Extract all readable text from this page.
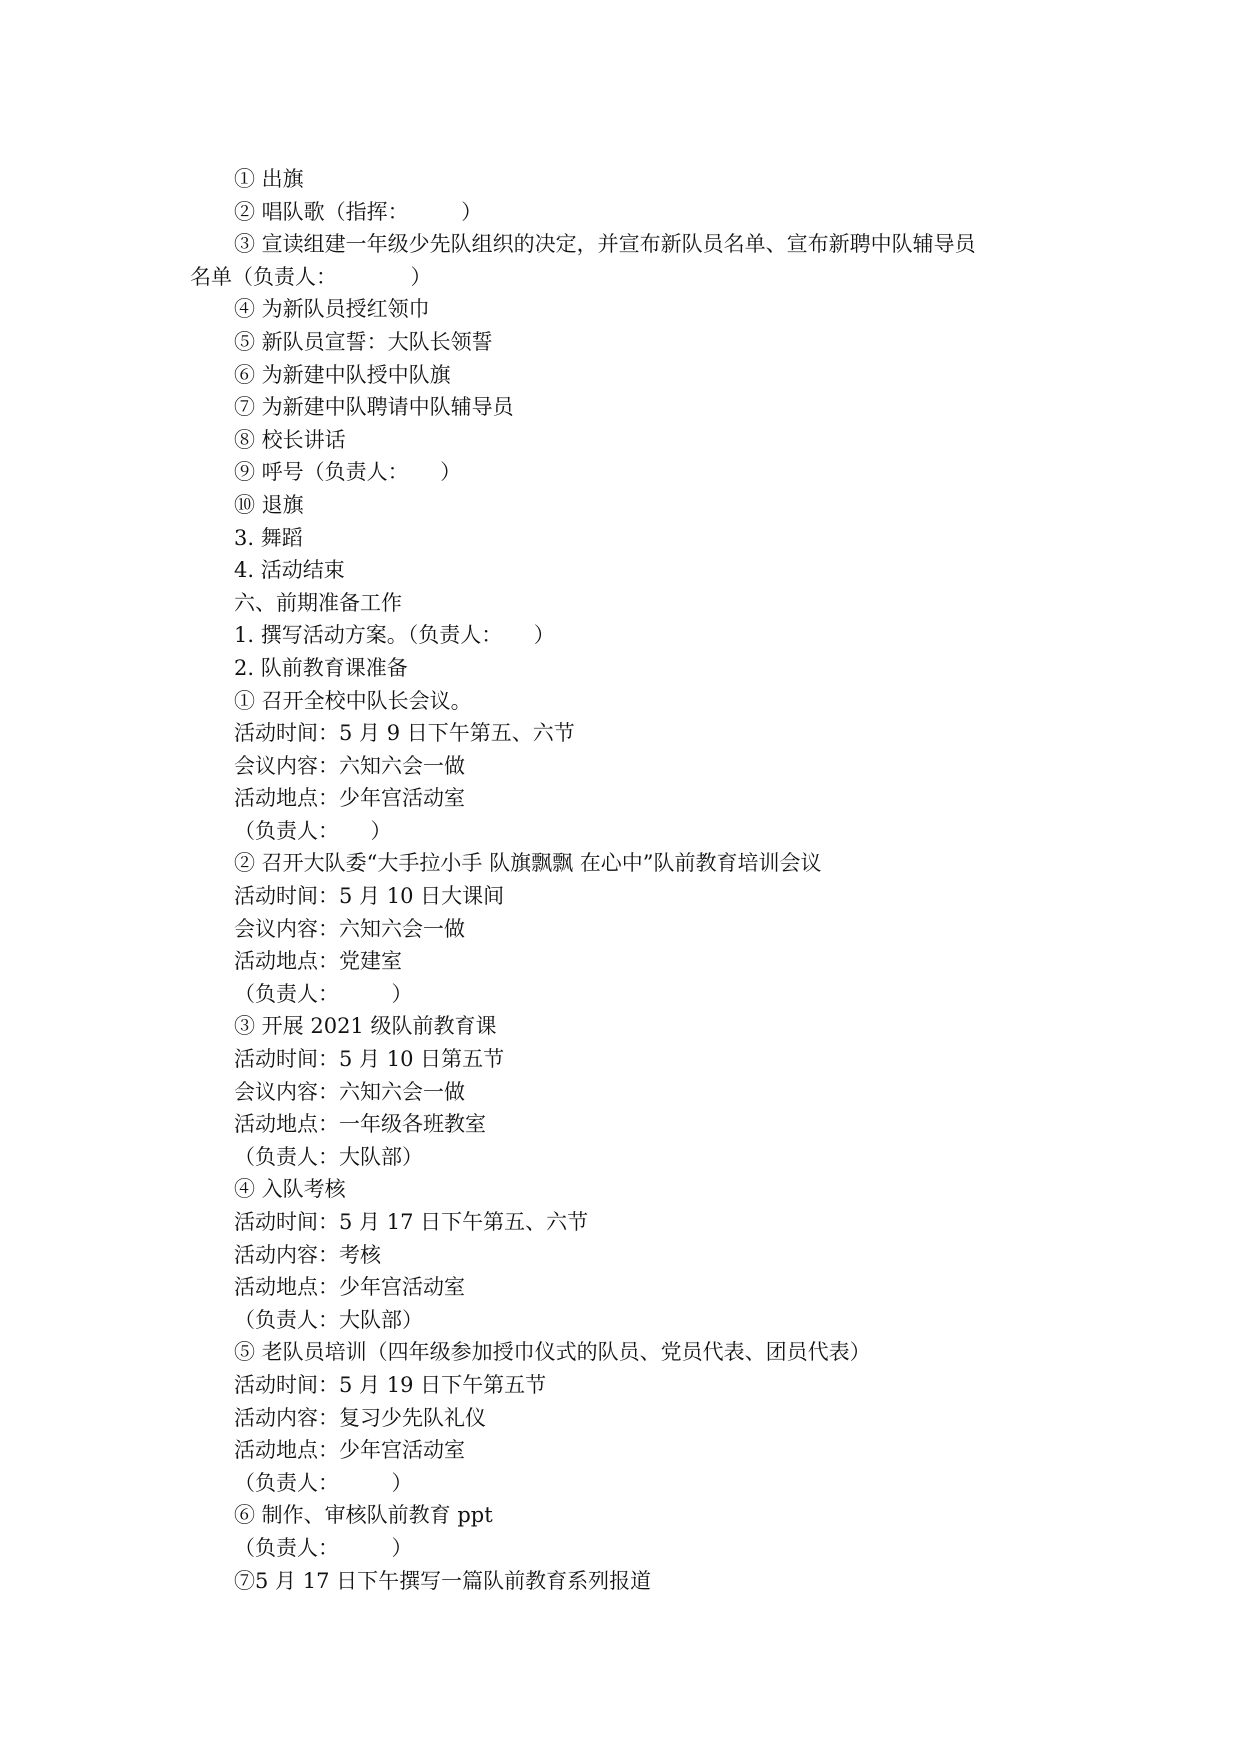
① 出旗

② 唱队歌（指挥：　　　）

③ 宣读组建一年级少先队组织的决定，并宣布新队员名单、宣布新聘中队辅导员

名单（负责人：　　　　）

④ 为新队员授红领巾

⑤ 新队员宣誓：大队长领誓

⑥ 为新建中队授中队旗

⑦ 为新建中队聘请中队辅导员

⑧ 校长讲话

⑨ 呼号（负责人：　　）

⑩ 退旗

3. 舞蹈

4. 活动结束

六、前期准备工作

1. 撰写活动方案。（负责人：　　）

2. 队前教育课准备

① 召开全校中队长会议。

活动时间：5 月 9 日下午第五、六节

会议内容：六知六会一做

活动地点：少年宫活动室

（负责人：　　）

② 召开大队委“大手拉小手 队旗飘飘 在心中”队前教育培训会议

活动时间：5 月 10 日大课间

会议内容：六知六会一做

活动地点：党建室

（负责人：　　　）

③ 开展 2021 级队前教育课

活动时间：5 月 10 日第五节

会议内容：六知六会一做

活动地点：一年级各班教室

（负责人：大队部）

④ 入队考核

活动时间：5 月 17 日下午第五、六节

活动内容：考核

活动地点：少年宫活动室

（负责人：大队部）

⑤ 老队员培训（四年级参加授巾仪式的队员、党员代表、团员代表）

活动时间：5 月 19 日下午第五节

活动内容：复习少先队礼仪

活动地点：少年宫活动室

（负责人：　　　）

⑥ 制作、审核队前教育 ppt

（负责人：　　　）

⑦5 月 17 日下午撰写一篇队前教育系列报道
